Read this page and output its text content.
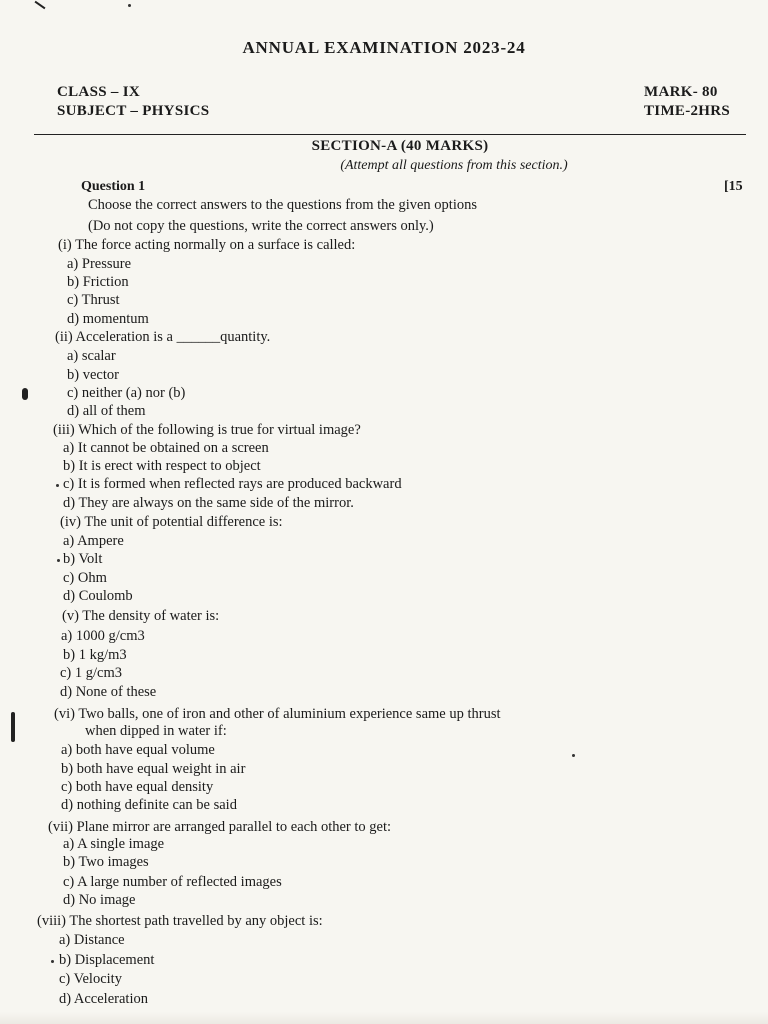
ANNUAL EXAMINATION 2023-24
CLASS – IX
SUBJECT – PHYSICS
MARK- 80
TIME-2HRS
SECTION-A (40 MARKS)
(Attempt all questions from this section.)
Question 1	[15
Choose the correct answers to the questions from the given options
(Do not copy the questions, write the correct answers only.)
(i) The force acting normally on a surface is called:
a) Pressure
b) Friction
c) Thrust
d) momentum
(ii) Acceleration is a ______quantity.
a) scalar
b) vector
c) neither (a) nor (b)
d) all of them
(iii) Which of the following is true for virtual image?
a) It cannot be obtained on a screen
b) It is erect with respect to object
c) It is formed when reflected rays are produced backward
d) They are always on the same side of the mirror.
(iv) The unit of potential difference is:
a) Ampere
b) Volt
c) Ohm
d) Coulomb
(v) The density of water is:
a) 1000 g/cm3
b) 1 kg/m3
c) 1 g/cm3
d) None of these
(vi) Two balls, one of iron and other of aluminium experience same up thrust
when dipped in water if:
a) both have equal volume
b) both have equal weight in air
c) both have equal density
d) nothing definite can be said
(vii) Plane mirror are arranged parallel to each other to get:
a) A single image
b) Two images
c) A large number of reflected images
d) No image
(viii) The shortest path travelled by any object is:
a) Distance
b) Displacement
c) Velocity
d) Acceleration
